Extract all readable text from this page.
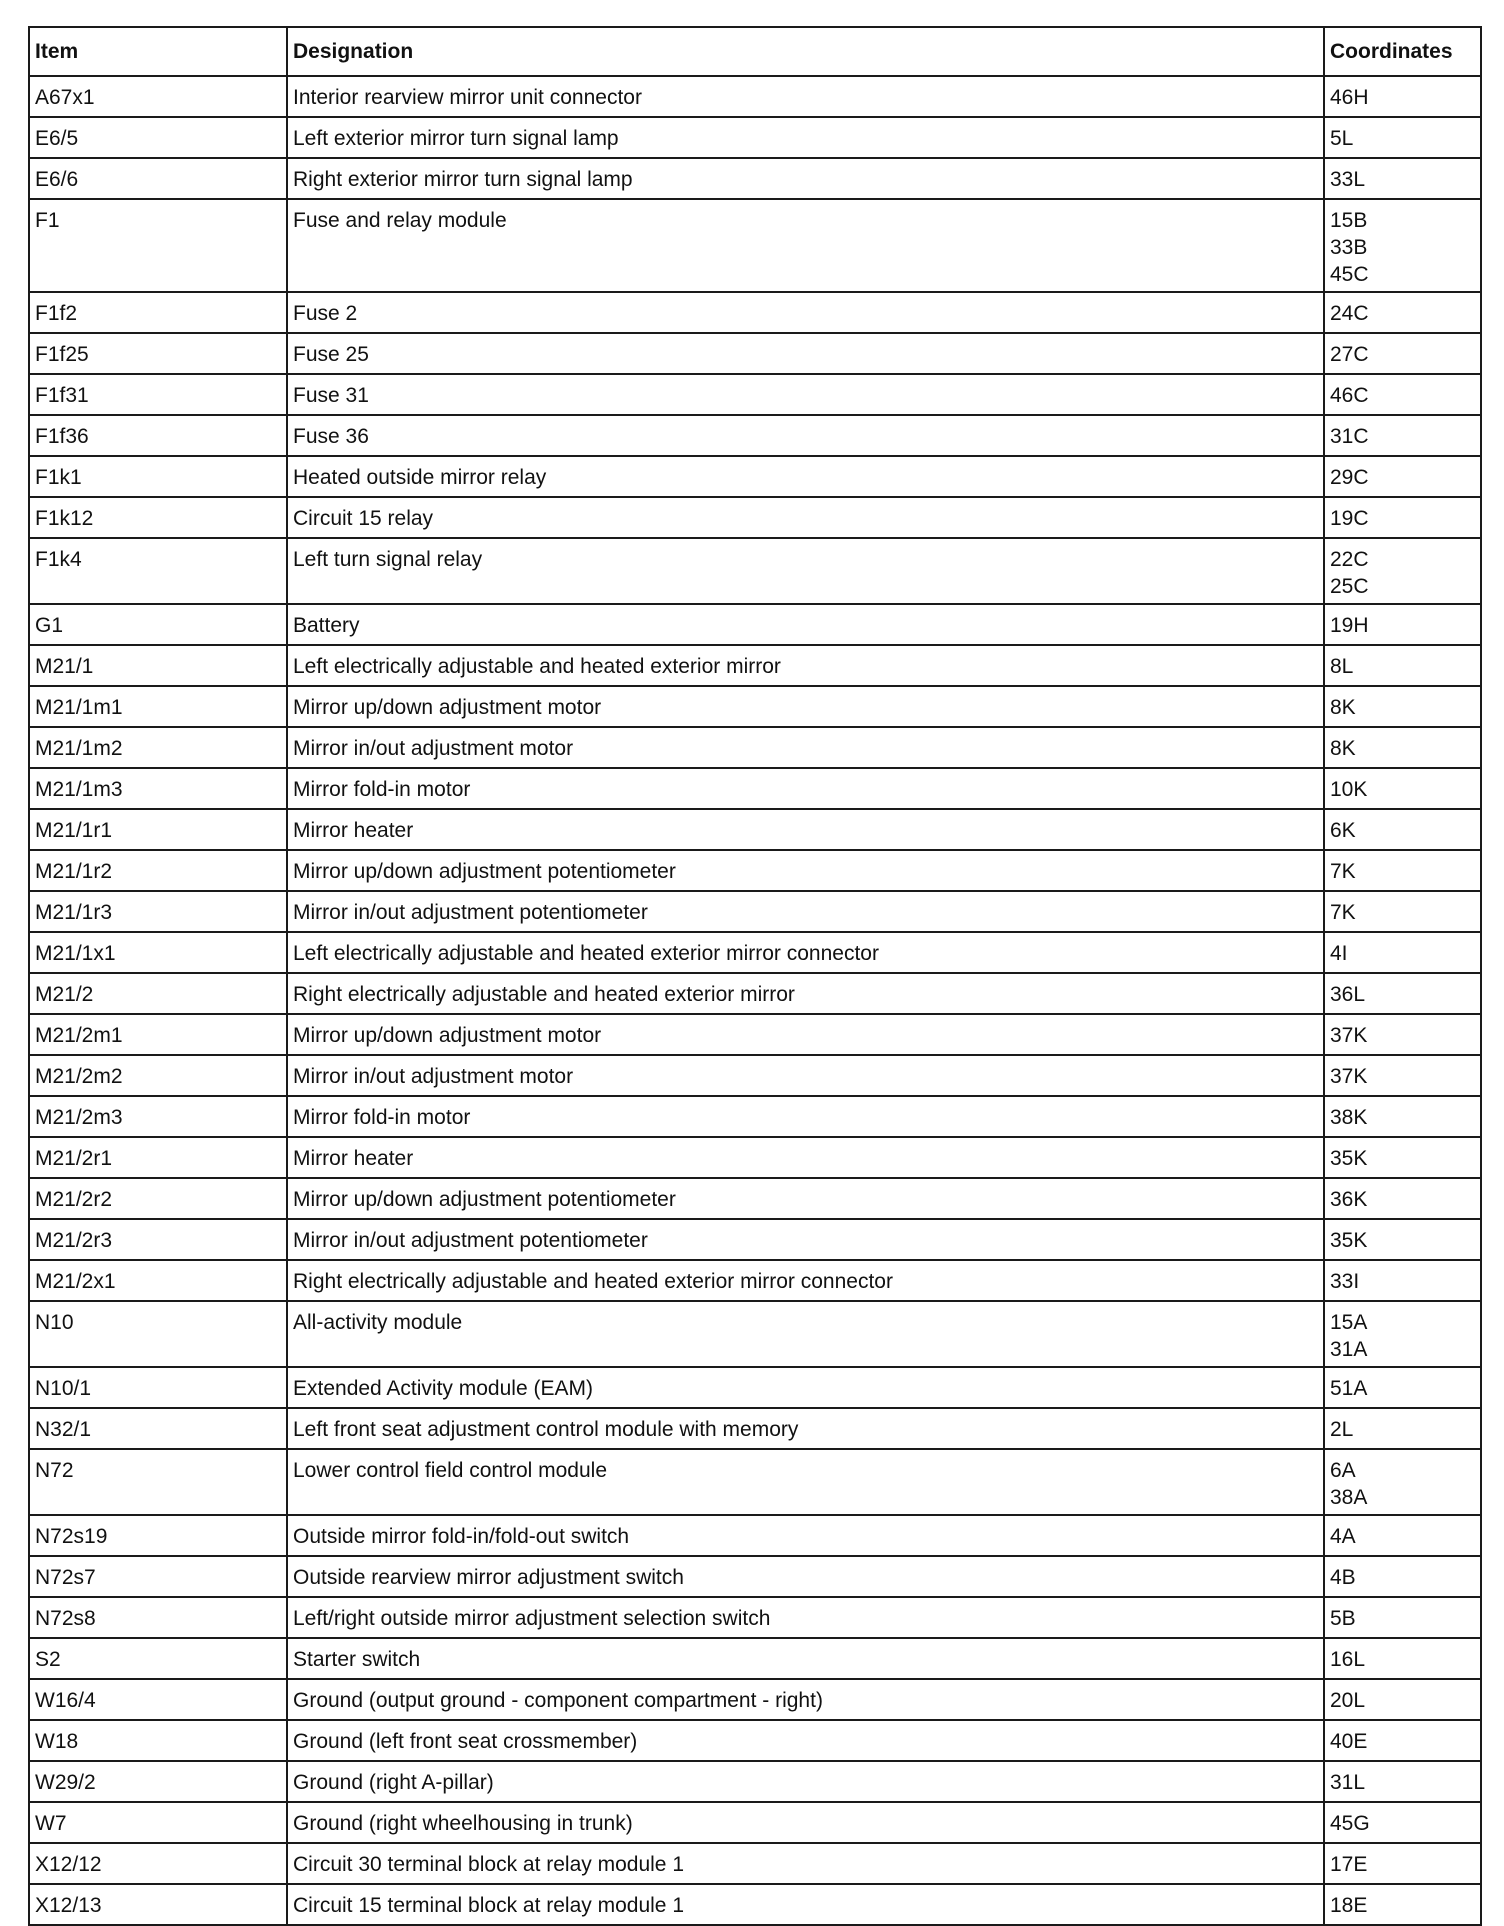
Item	Designation	Coordinates
A67x1	Interior rearview mirror unit connector	46H

E6/5	Left exterior mirror turn signal lamp	5L

E6/6	Right exterior mirror turn signal lamp	33L

F1	Fuse and relay module	15B
33B
45C

F1f2	Fuse 2	24C

F1f25	Fuse 25	27C

F1f31	Fuse 31	46C

F1f36	Fuse 36	31C

F1k1	Heated outside mirror relay	29C

F1k12	Circuit 15 relay	19C

F1k4	Left turn signal relay	22C
25C

G1	Battery	19H

M21/1	Left electrically adjustable and heated exterior mirror	8L

M21/1m1	Mirror up/down adjustment motor	8K

M21/1m2	Mirror in/out adjustment motor	8K

M21/1m3	Mirror fold-in motor	10K

M21/1r1	Mirror heater	6K

M21/1r2	Mirror up/down adjustment potentiometer	7K

M21/1r3	Mirror in/out adjustment potentiometer	7K

M21/1x1	Left electrically adjustable and heated exterior mirror connector	4I

M21/2	Right electrically adjustable and heated exterior mirror	36L

M21/2m1	Mirror up/down adjustment motor	37K

M21/2m2	Mirror in/out adjustment motor	37K

M21/2m3	Mirror fold-in motor	38K

M21/2r1	Mirror heater	35K

M21/2r2	Mirror up/down adjustment potentiometer	36K

M21/2r3	Mirror in/out adjustment potentiometer	35K

M21/2x1	Right electrically adjustable and heated exterior mirror connector	33I

N10	All-activity module	15A
31A

N10/1	Extended Activity module (EAM)	51A

N32/1	Left front seat adjustment control module with memory	2L

N72	Lower control field control module	6A
38A

N72s19	Outside mirror fold-in/fold-out switch	4A

N72s7	Outside rearview mirror adjustment switch	4B

N72s8	Left/right outside mirror adjustment selection switch	5B

S2	Starter switch	16L

W16/4	Ground (output ground - component compartment - right)	20L

W18	Ground (left front seat crossmember)	40E

W29/2	Ground (right A-pillar)	31L

W7	Ground (right wheelhousing in trunk)	45G

X12/12	Circuit 30 terminal block at relay module 1	17E

X12/13	Circuit 15 terminal block at relay module 1	18E
